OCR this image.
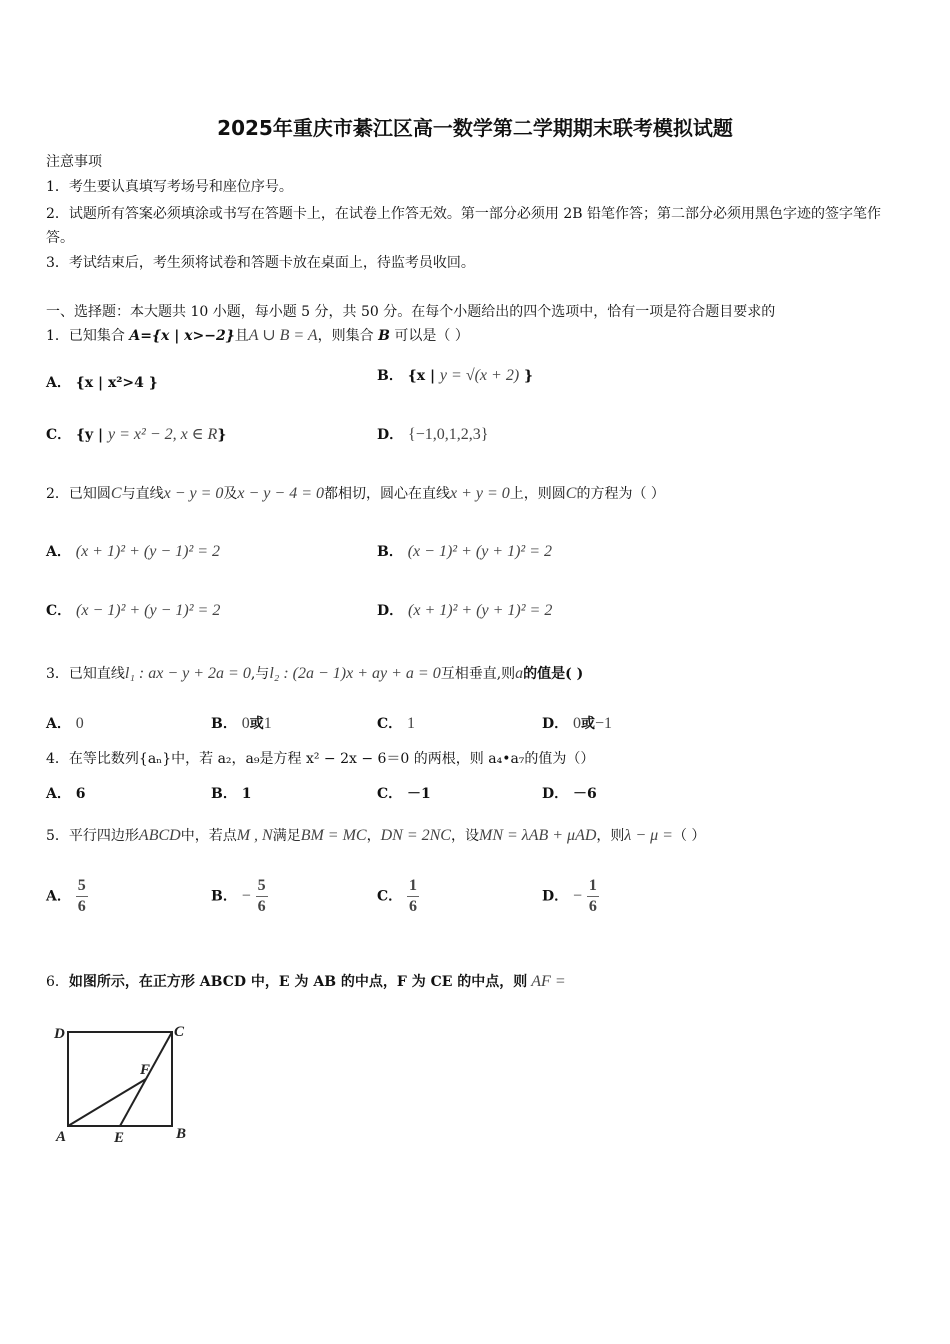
2025年重庆市綦江区高一数学第二学期期末联考模拟试题
注意事项
1．考生要认真填写考场号和座位序号。
2．试题所有答案必须填涂或书写在答题卡上，在试卷上作答无效。第一部分必须用 2B 铅笔作答；第二部分必须用黑色字迹的签字笔作答。
3．考试结束后，考生须将试卷和答题卡放在桌面上，待监考员收回。
一、选择题：本大题共 10 小题，每小题 5 分，共 50 分。在每个小题给出的四个选项中，恰有一项是符合题目要求的
1．已知集合 A={x | x>−2}且A ∪ B = A，则集合 B 可以是（ ）
A． {x | x²>4 }	B． {x | y = √(x + 2) }
C． {y | y = x² − 2, x ∈ R}	D． {−1,0,1,2,3}
2．已知圆C与直线x − y = 0及x − y − 4 = 0都相切，圆心在直线x + y = 0上，则圆C的方程为（ ）
A． (x + 1)² + (y − 1)² = 2	B． (x − 1)² + (y + 1)² = 2
C． (x − 1)² + (y − 1)² = 2	D． (x + 1)² + (y + 1)² = 2
3．已知直线l₁ : ax − y + 2a = 0,与l₂ : (2a − 1)x + ay + a = 0互相垂直,则a的值是( )
A． 0	B． 0或1	C． 1	D． 0或−1
4．在等比数列{aₙ}中，若 a₂，a₉是方程 x² − 2x − 6＝0 的两根，则 a₄•a₇的值为（）
A． 6	B． 1	C． －1	D． －6
5．平行四边形ABCD中，若点M , N满足BM = MC，DN = 2NC，设MN = λAB + μAD，则λ − μ =（ ）
A． $\frac{5}{6}$	B． − $\frac{5}{6}$	C． $\frac{1}{6}$	D． − $\frac{1}{6}$
6．如图所示，在正方形 ABCD 中，E 为 AB 的中点，F 为 CE 的中点，则 AF =
D	C
F
A	E	B
